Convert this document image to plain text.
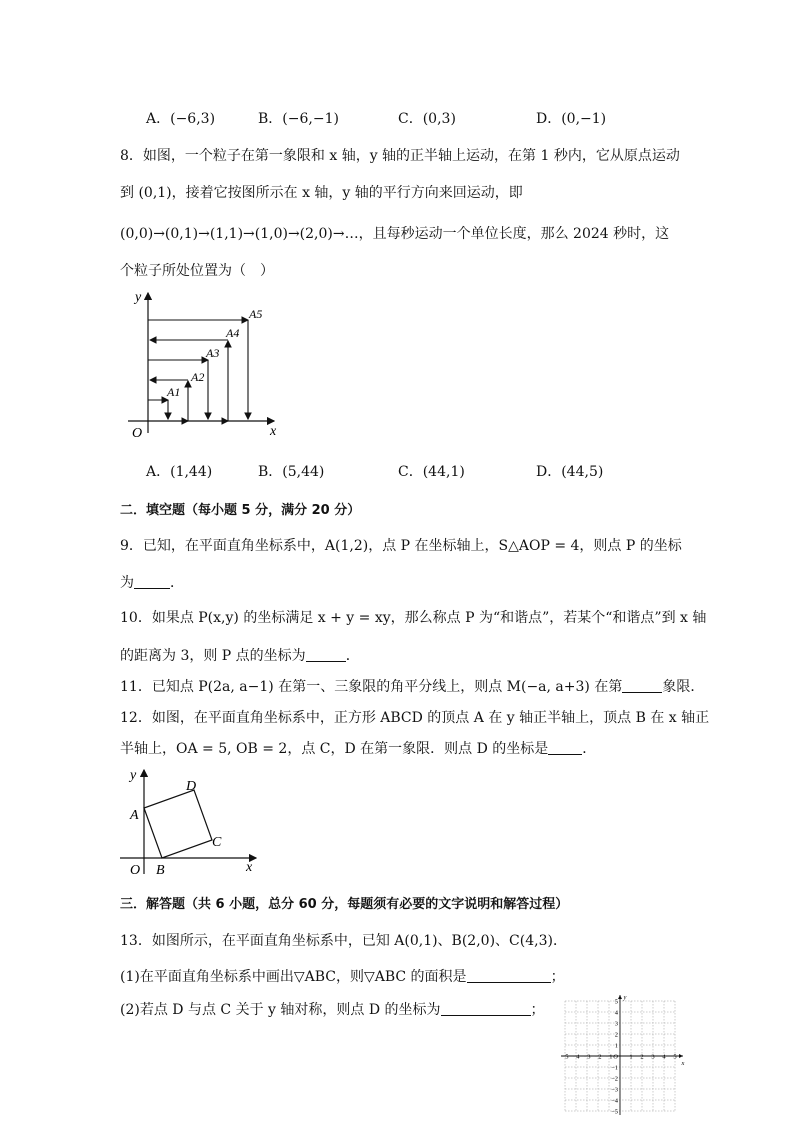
A．(−6,3)	B．(−6,−1)	C．(0,3)	D．(0,−1)
8．如图，一个粒子在第一象限和 x 轴，y 轴的正半轴上运动，在第 1 秒内，它从原点运动
到 (0,1)，接着它按图所示在 x 轴，y 轴的平行方向来回运动，即
(0,0)→(0,1)→(1,1)→(1,0)→(2,0)→…，且每秒运动一个单位长度，那么 2024 秒时，这
个粒子所处位置为（　）
y
x
O
A1
A2
A3
A4
A5
A．(1,44)	B．(5,44)	C．(44,1)	D．(44,5)
二．填空题（每小题 5 分，满分 20 分）
9．已知，在平面直角坐标系中，A(1,2)，点 P 在坐标轴上，S△AOP = 4，则点 P 的坐标
为	．
10．如果点 P(x,y) 的坐标满足 x + y = xy，那么称点 P 为“和谐点”，若某个“和谐点”到 x 轴
的距离为 3，则 P 点的坐标为	．
11．已知点 P(2a, a−1) 在第一、三象限的角平分线上，则点 M(−a, a+3) 在第	象限．
12．如图，在平面直角坐标系中，正方形 ABCD 的顶点 A 在 y 轴正半轴上，顶点 B 在 x 轴正
半轴上，OA = 5, OB = 2，点 C，D 在第一象限．则点 D 的坐标是 ．
y
x
O
A
B
C
D
三．解答题（共 6 小题，总分 60 分，每题须有必要的文字说明和解答过程）
13．如图所示，在平面直角坐标系中，已知 A(0,1)、B(2,0)、C(4,3)．
(1)在平面直角坐标系中画出▽ABC，则▽ABC 的面积是	；
(2)若点 D 与点 C 关于 y 轴对称，则点 D 的坐标为	；
−5 −4 −3 −2 −1	1 2 3 4 5
5
4
3
2
1
−1
−2
−3
−4
−5
O
x
y
